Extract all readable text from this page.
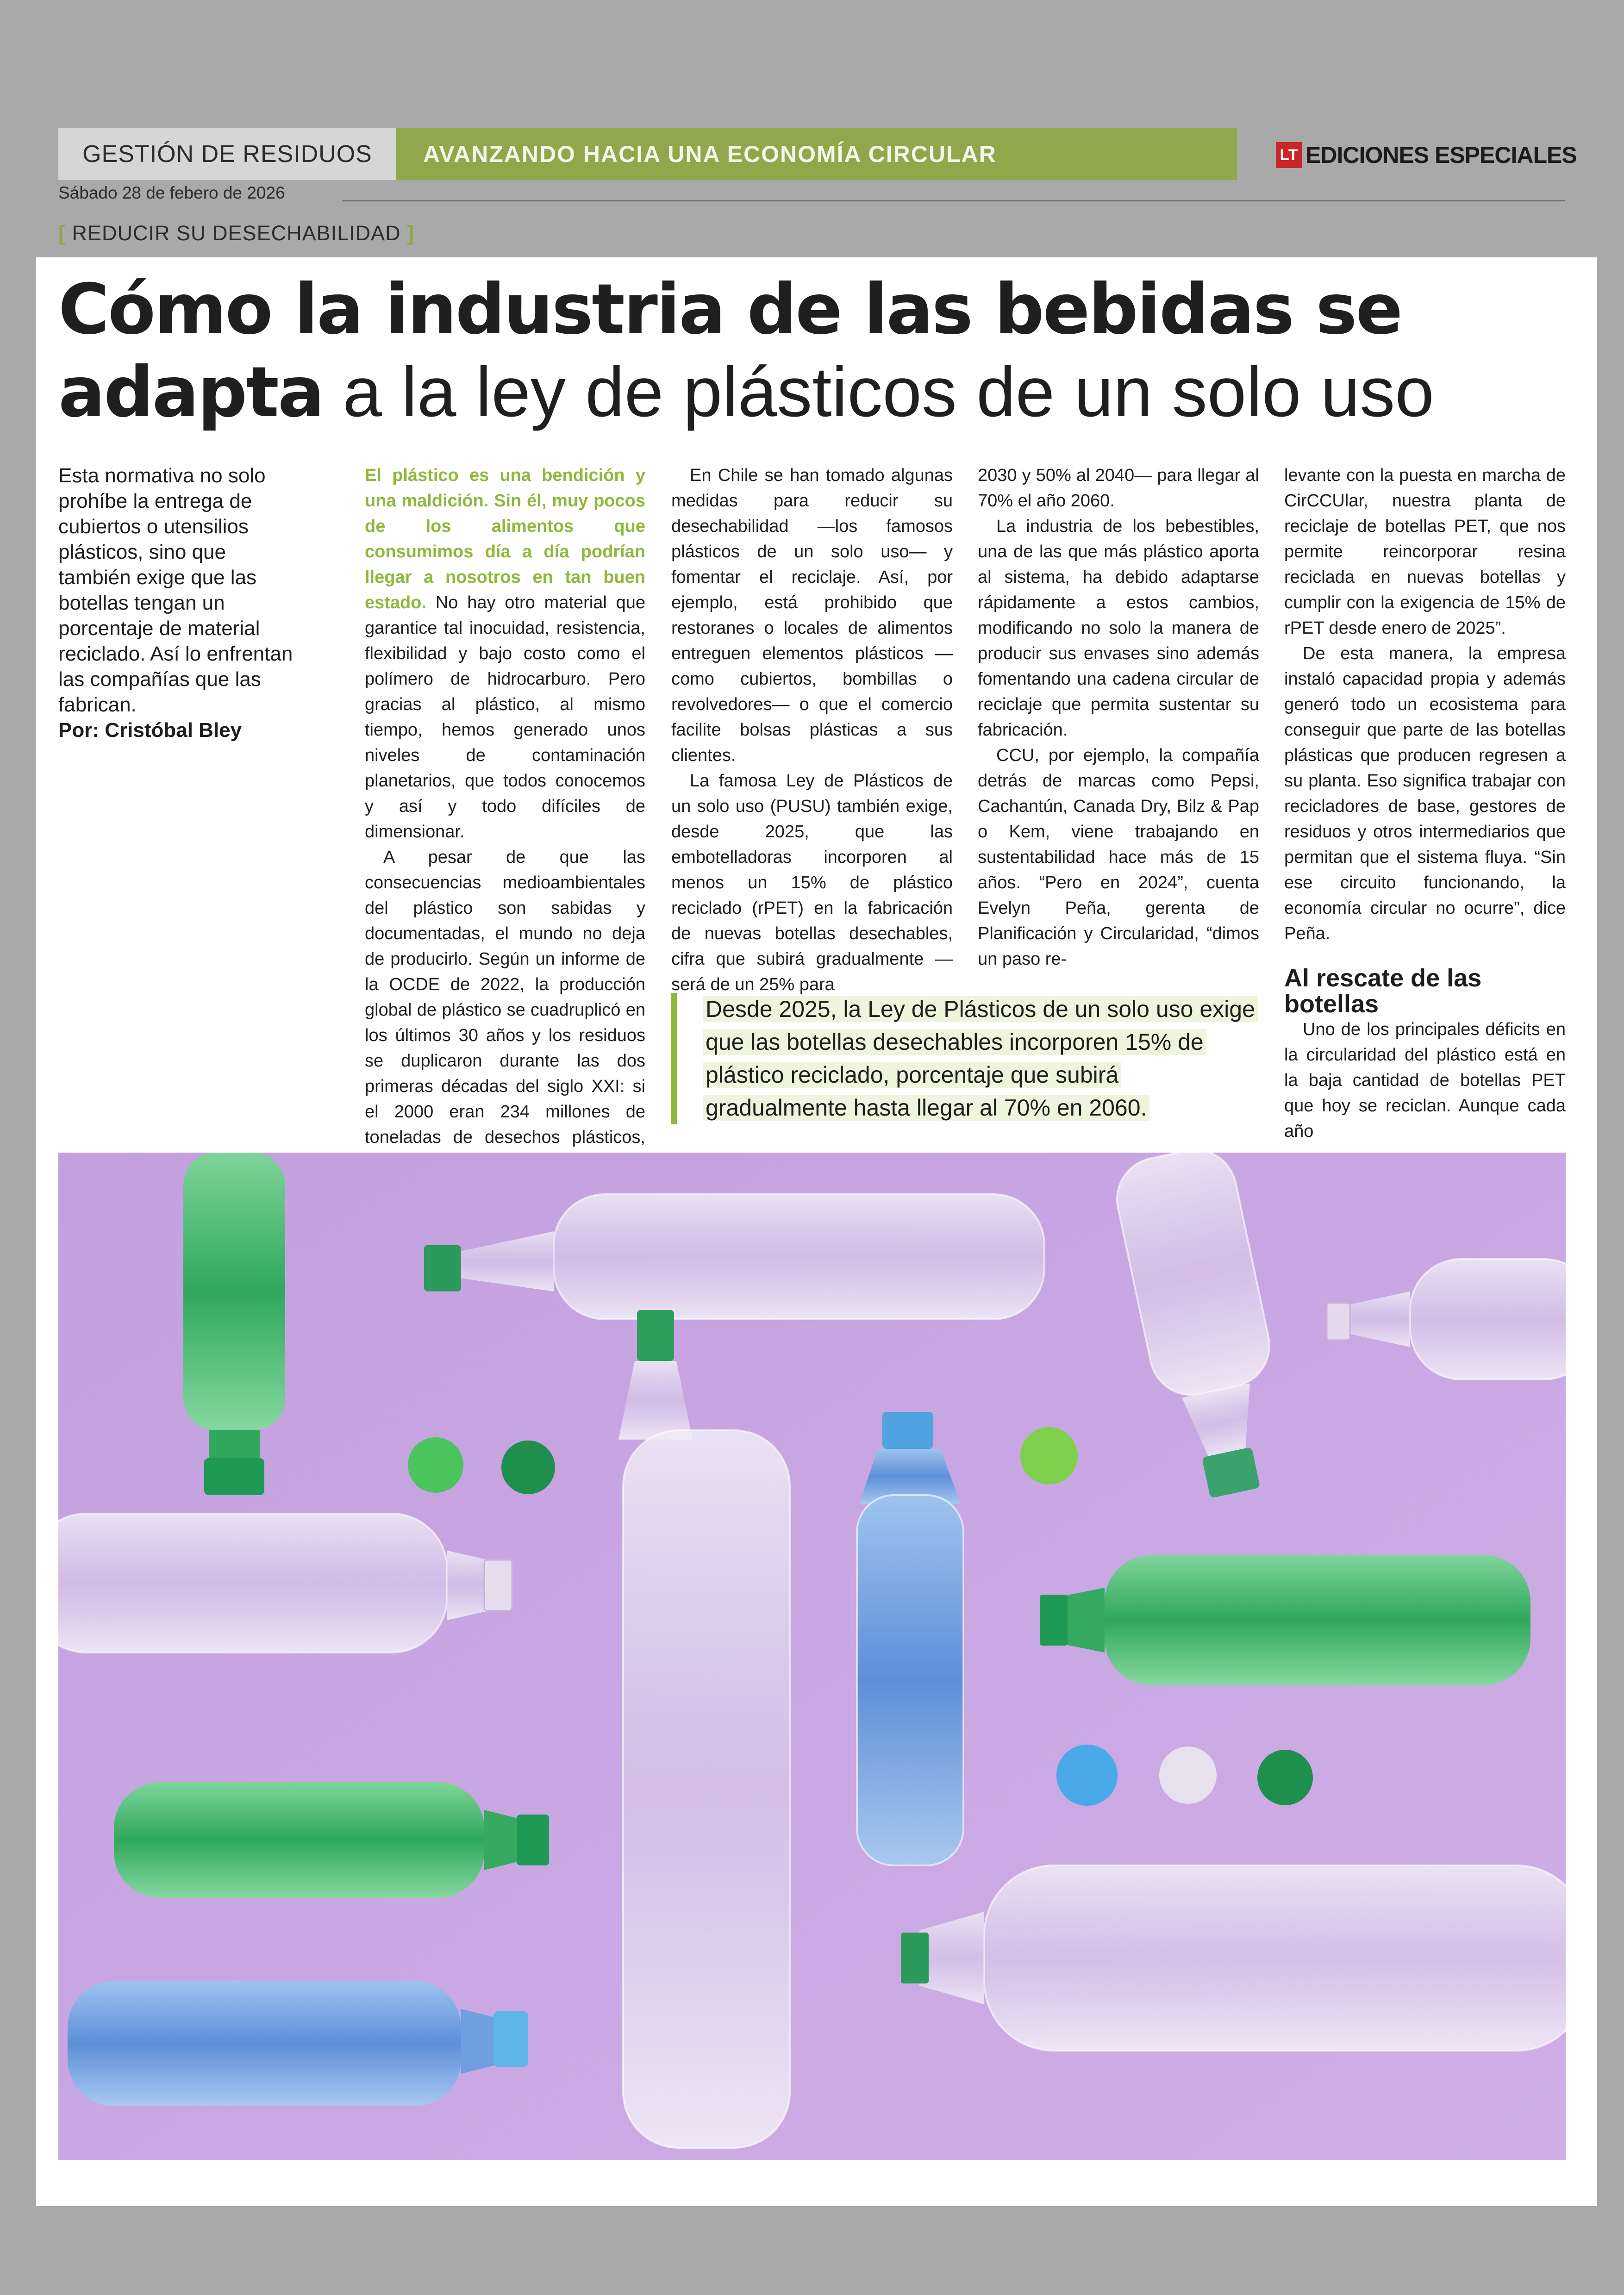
GESTIÓN DE RESIDUOS	AVANZANDO HACIA UNA ECONOMÍA CIRCULAR	LT EDICIONES ESPECIALES
Sábado 28 de febero de 2026
[ REDUCIR SU DESECHABILIDAD ]
Cómo la industria de las bebidas se
adapta a la ley de plásticos de un solo uso

Esta normativa no solo prohíbe la entrega de cubiertos o utensilios plásticos, sino que también exige que las botellas tengan un porcentaje de material reciclado. Así lo enfrentan las compañías que las fabrican.

Por: Cristóbal Bley

El plástico es una bendición y una maldición. Sin él, muy pocos de los alimentos que consumimos día a día podrían llegar a nosotros en tan buen estado. No hay otro material que garantice tal inocuidad, resistencia, flexibilidad y bajo costo como el polímero de hidrocarburo. Pero gracias al plástico, al mismo tiempo, hemos generado unos niveles de contaminación planetarios, que todos conocemos y así y todo difíciles de dimensionar.

A pesar de que las consecuencias medioambientales del plástico son sabidas y documentadas, el mundo no deja de producirlo. Según un informe de la OCDE de 2022, la producción global de plástico se cuadruplicó en los últimos 30 años y los residuos se duplicaron durante las dos primeras décadas del siglo XXI: si el 2000 eran 234 millones de toneladas de desechos plásticos,

En Chile se han tomado algunas medidas para reducir su desechabilidad —los famosos plásticos de un solo uso— y fomentar el reciclaje. Así, por ejemplo, está prohibido que restoranes o locales de alimentos entreguen elementos plásticos —como cubiertos, bombillas o revolvedores— o que el comercio facilite bolsas plásticas a sus clientes.

La famosa Ley de Plásticos de un solo uso (PUSU) también exige, desde 2025, que las embotelladoras incorporen al menos un 15% de plástico reciclado (rPET) en la fabricación de nuevas botellas desechables, cifra que subirá gradualmente —será de un 25% para

2030 y 50% al 2040— para llegar al 70% el año 2060.

La industria de los bebestibles, una de las que más plástico aporta al sistema, ha debido adaptarse rápidamente a estos cambios, modificando no solo la manera de producir sus envases sino además fomentando una cadena circular de reciclaje que permita sustentar su fabricación.

CCU, por ejemplo, la compañía detrás de marcas como Pepsi, Cachantún, Canada Dry, Bilz & Pap o Kem, viene trabajando en sustentabilidad hace más de 15 años. “Pero en 2024”, cuenta Evelyn Peña, gerenta de Planificación y Circularidad, “dimos un paso re-

levante con la puesta en marcha de CirCCUlar, nuestra planta de reciclaje de botellas PET, que nos permite reincorporar resina reciclada en nuevas botellas y cumplir con la exigencia de 15% de rPET desde enero de 2025”.

De esta manera, la empresa instaló capacidad propia y además generó todo un ecosistema para conseguir que parte de las botellas plásticas que producen regresen a su planta. Eso significa trabajar con recicladores de base, gestores de residuos y otros intermediarios que permitan que el sistema fluya. “Sin ese circuito funcionando, la economía circular no ocurre”, dice Peña.

Al rescate de las botellas

Uno de los principales déficits en la circularidad del plástico está en la baja cantidad de botellas PET que hoy se reciclan. Aunque cada año

Desde 2025, la Ley de Plásticos de un solo uso exige que las botellas desechables incorporen 15% de plástico reciclado, porcentaje que subirá gradualmente hasta llegar al 70% en 2060.
